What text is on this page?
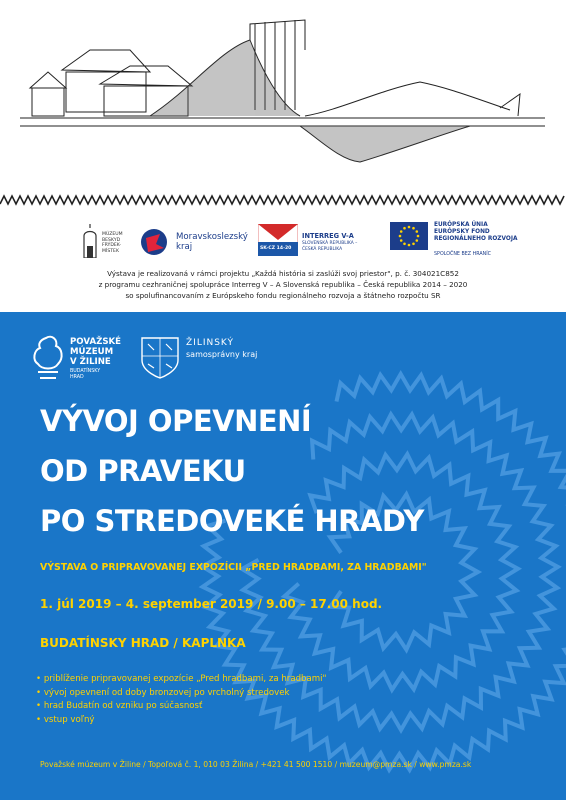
MÚZEUM
BESKYD
FRÝDEK-
MÍSTEK
Moravskoslezský kraj	SK-CZ 14-20
INTERREG V-A
SLOVENSKÁ REPUBLIKA –
ČESKÁ REPUBLIKA
EURÓPSKA ÚNIA
EURÓPSKY FOND
REGIONÁLNEHO ROZVOJA
SPOLOČNE BEZ HRANÍC
Výstava je realizovaná v rámci projektu „Každá história si zaslúži svoj priestor", p. č. 304021C852
z programu cezhraničnej spolupráce Interreg V – A Slovenská republika – Česká republika 2014 – 2020
so spolufinancovaním z Európskeho fondu regionálneho rozvoja a štátneho rozpočtu SR
POVAŽSKÉ
MÚZEUM
V ŽILINE
BUDATÍNSKY
HRAD
ŽILINSKÝ
samosprávny kraj
VÝVOJ OPEVNENÍ
OD PRAVEKU
PO STREDOVEKÉ HRADY
VÝSTAVA O PRIPRAVOVANEJ EXPOZÍCII „PRED HRADBAMI, ZA HRADBAMI"
1. júl 2019 – 4. september 2019 / 9.00 – 17.00 hod.
BUDATÍNSKY HRAD / KAPLNKA
• priblíženie pripravovanej expozície „Pred hradbami, za hradbami"
• vývoj opevnení od doby bronzovej po vrcholný stredovek
• hrad Budatín od vzniku po súčasnosť
• vstup voľný
Považské múzeum v Žiline / Topoľová č. 1, 010 03 Žilina / +421 41 500 1510 / muzeum@pmza.sk / www.pmza.sk
